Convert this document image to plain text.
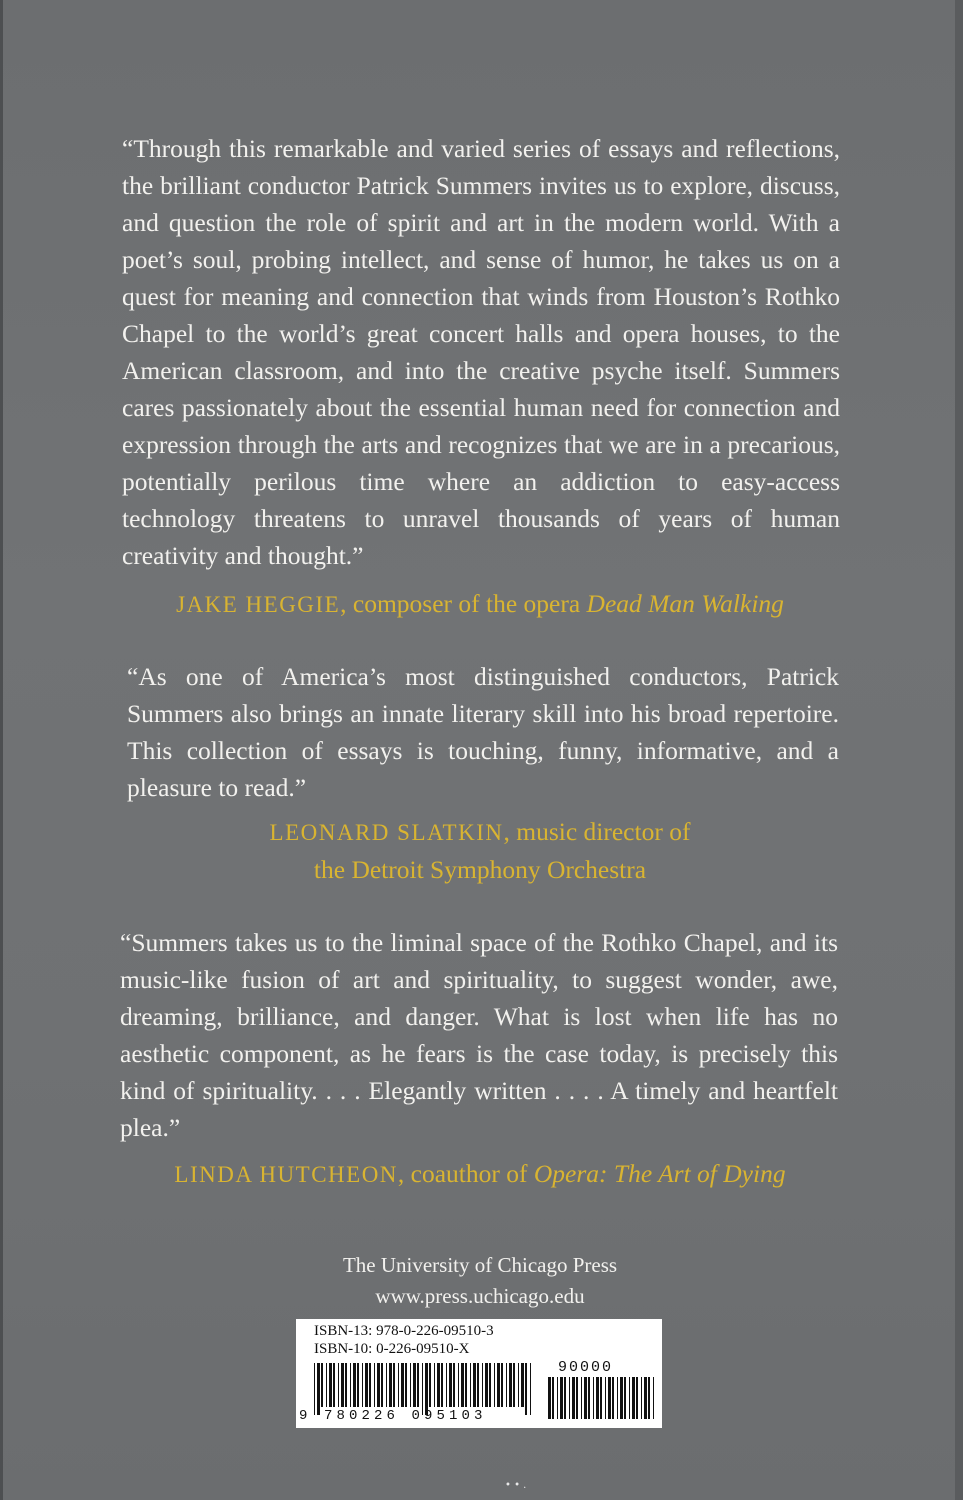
“Through this remarkable and varied series of essays and reflections, the brilliant conductor Patrick Summers invites us to explore, discuss, and question the role of spirit and art in the modern world. With a poet’s soul, probing intellect, and sense of humor, he takes us on a quest for meaning and connection that winds from Houston’s Rothko Chapel to the world’s great concert halls and opera houses, to the American classroom, and into the creative psyche itself. Summers cares passionately about the essential human need for connection and expression through the arts and recognizes that we are in a precarious, potentially perilous time where an addiction to easy-access technology threatens to unravel thousands of years of human creativity and thought.”

JAKE HEGGIE, composer of the opera Dead Man Walking

“As one of America’s most distinguished conductors, Patrick Summers also brings an innate literary skill into his broad repertoire. This collection of essays is touching, funny, informative, and a pleasure to read.”

LEONARD SLATKIN, music director of
the Detroit Symphony Orchestra

“Summers takes us to the liminal space of the Rothko Chapel, and its music-like fusion of art and spirituality, to suggest wonder, awe, dreaming, brilliance, and danger. What is lost when life has no aesthetic component, as he fears is the case today, is precisely this kind of spirituality. . . . Elegantly written . . . . A timely and heartfelt plea.”

LINDA HUTCHEON, coauthor of Opera: The Art of Dying

The University of Chicago Press
www.press.uchicago.edu
ISBN-13: 978-0-226-09510-3
ISBN-10: 0-226-09510-X
90000
9 780226 095103
• • .
